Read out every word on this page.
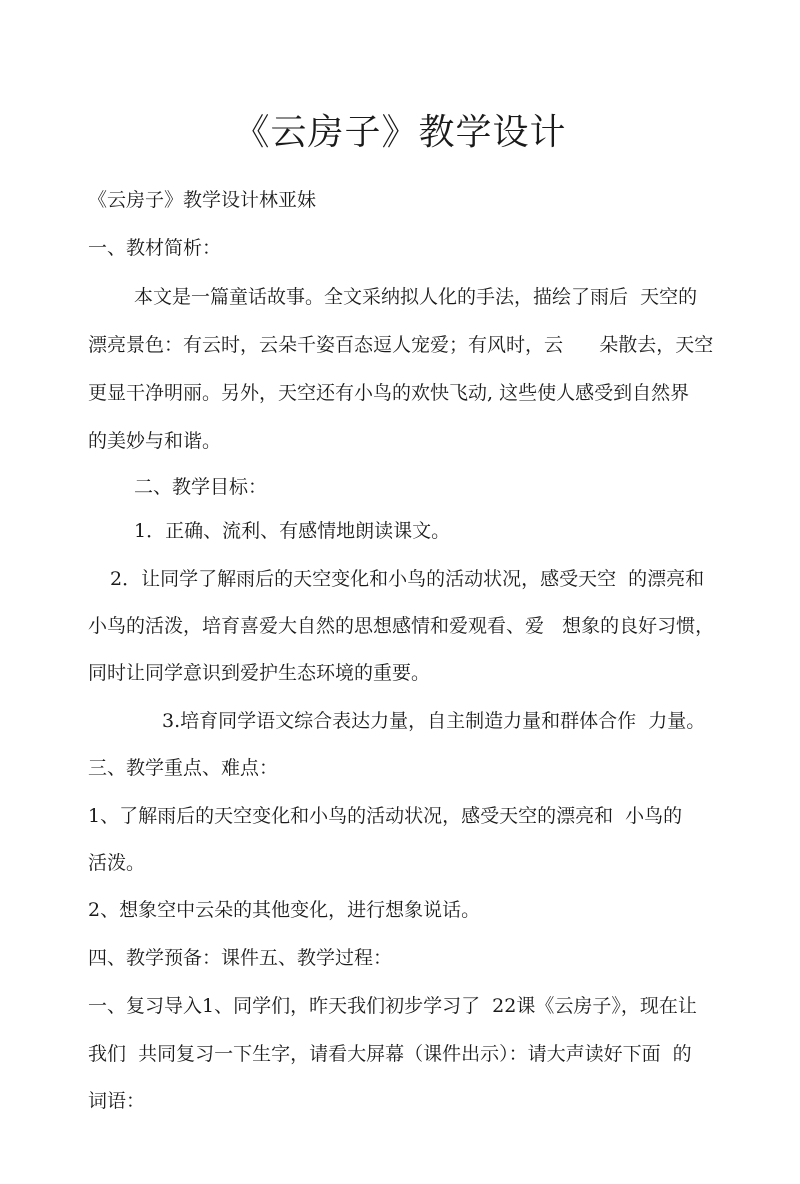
《云房子》教学设计
《云房子》教学设计林亚妹
一、教材简析：
本文是一篇童话故事。全文采纳拟人化的手法，描绘了雨后  天空的
漂亮景色：有云时，云朵千姿百态逗人宠爱；有风时，云      朵散去，天空
更显干净明丽。另外，天空还有小鸟的欢快飞动, 这些使人感受到自然界
的美妙与和谐。
二、教学目标：
1．正确、流利、有感情地朗读课文。
2．让同学了解雨后的天空变化和小鸟的活动状况，感受天空  的漂亮和
小鸟的活泼，培育喜爱大自然的思想感情和爱观看、爱   想象的良好习惯，
同时让同学意识到爱护生态环境的重要。
3.培育同学语文综合表达力量，自主制造力量和群体合作  力量。
三、教学重点、难点：
1、了解雨后的天空变化和小鸟的活动状况，感受天空的漂亮和  小鸟的
活泼。
2、想象空中云朵的其他变化，进行想象说话。
四、教学预备：课件五、教学过程：
一、复习导入1、同学们，昨天我们初步学习了  22课《云房子》，现在让
我们  共同复习一下生字，请看大屏幕（课件出示）：请大声读好下面  的
词语：
